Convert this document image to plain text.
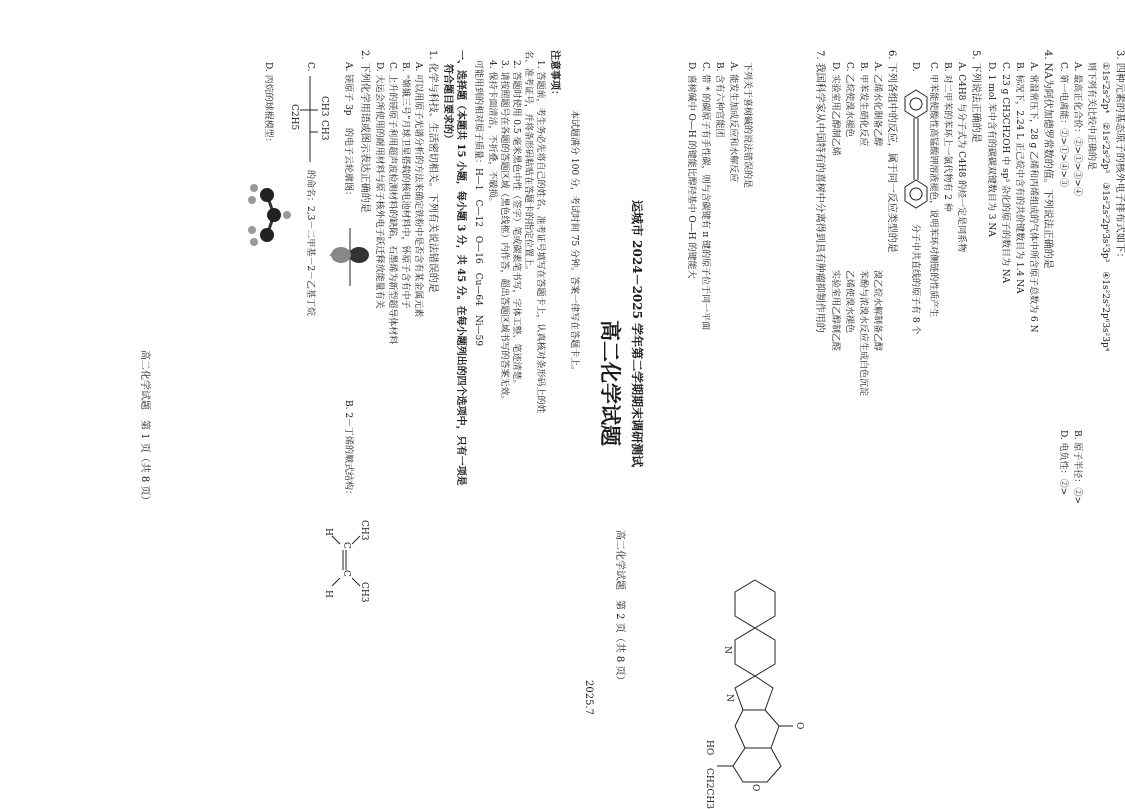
运城市 2024－2025 学年第二学期期末调研测试
高二化学试题
2025.7
本试题满分 100 分，考试时间 75 分钟。答案一律写在答题卡上。
注意事项：
1. 答题前，考生务必先将自己的姓名、准考证号填写在答题卡上，认真核对条形码上的姓
名、准考证号，并将条形码粘贴在答题卡的指定位置上。
2. 答题时使用 0.5 毫米黑色中性（签字）笔或碳素笔书写，字体工整、笔迹清楚。
3. 请按照题号在各题的答题区域（黑色线框）内作答，超出答题区域书写的答案无效。
4. 保持卡面清洁，不折叠，不破损。
可能用到的相对原子质量：H—1　C—12　O—16　Cu—64　Ni—59
一、选择题（本题共 15 小题，每小题 3 分，共 45 分。在每小题列出的四个选项中，只有一项是
符合题目要求的）
1. 化学与科技、生活密切相关。下列有关说法错误的是
A. 可以用原子光谱分析的方法来确定铁粉中是否含有某金属元素
B. “嫦娥三号”月球卫星搭载的核电池材料中，钚原子含有中子
C. 上升的镁原子利用超声波检测材料的缺陷，石墨烯为新型超导体材料
D. 大运会所使用的耐用材料与原子核外电子跃迁释放能量有关
2. 下列化学用语或图示表达正确的是
A. 镁原子 3p
的电子云轮廓图：
B. 2－丁烯的顺式结构：
CH3
CH3
C
C
H
H
C.
CH3
CH3
C2H5
的命名：2,3－二甲基－2－乙基丁烷
D. 丙烷的球棍模型：
高二化学试题　第 1 页（共 8 页）
3. 四种元素的基态原子的核外电子排布式如下：
①1s²2s²2p⁴　②1s²2s²2p³　③1s²2s²2p⁶3s²3p³　④1s²2s²2p⁶3s²3p⁴
则下列有关比较中正确的是
A. 最高正化合价：②>①>③>④
B. 原子半径：②>
C. 第一电离能：②>①>④>③
D. 电负性：②>
4. NA为阿伏加德罗常数的值。下列说法正确的是
A. 常温常压下，28 g 乙烯和丙烯组成的气体中所含原子总数为 6 N
B. 标况下，2.24 L 正己烷中含有的共价键数目为 1.4 NA
C. 23 g CH3CH2OH 中 sp³ 杂化的原子的数目为 NA
D. 1 mol 苯中含有的碳碳双键数目为 3 NA
5. 下列说法正确的是
A. C4H8 与分子式为 C4H8 的烃一定是同系物
B. 对二甲苯的苯环上一氯代物有 2 种
C. 甲苯能使酸性高锰酸钾溶液褪色，说明苯环对侧链的性质产生
D.
分子中共直线的原子有 8 个
6. 下列各组中的反应，属于同一反应类型的是
A. 乙烯水化制备乙醇
溴乙烷水解制备乙醇
B. 甲苯发生硝化反应
苯酚与浓溴水反应生成白色沉淀
C. 乙烷使溴水褪色
乙烯使溴水褪色
D. 实验室用乙醇制乙烯
实验室用乙醇制乙醛
7. 我国科学家从中国特有的喜树中分离得到具有肿瘤抑制作用的
N
N
O
O
HO
CH2CH3
下列关于喜树碱的说法错误的是
A. 能发生加成反应和水解反应
B. 含有六种官能团
C. 带 * 的碳原子有手性碳，则与含碳键有 π 键的原子位于同一平面
D. 喜树碱中 O—H 的键能比醇羟基中 O—H 的键能大
高二化学试题　第 2 页（共 8 页）
